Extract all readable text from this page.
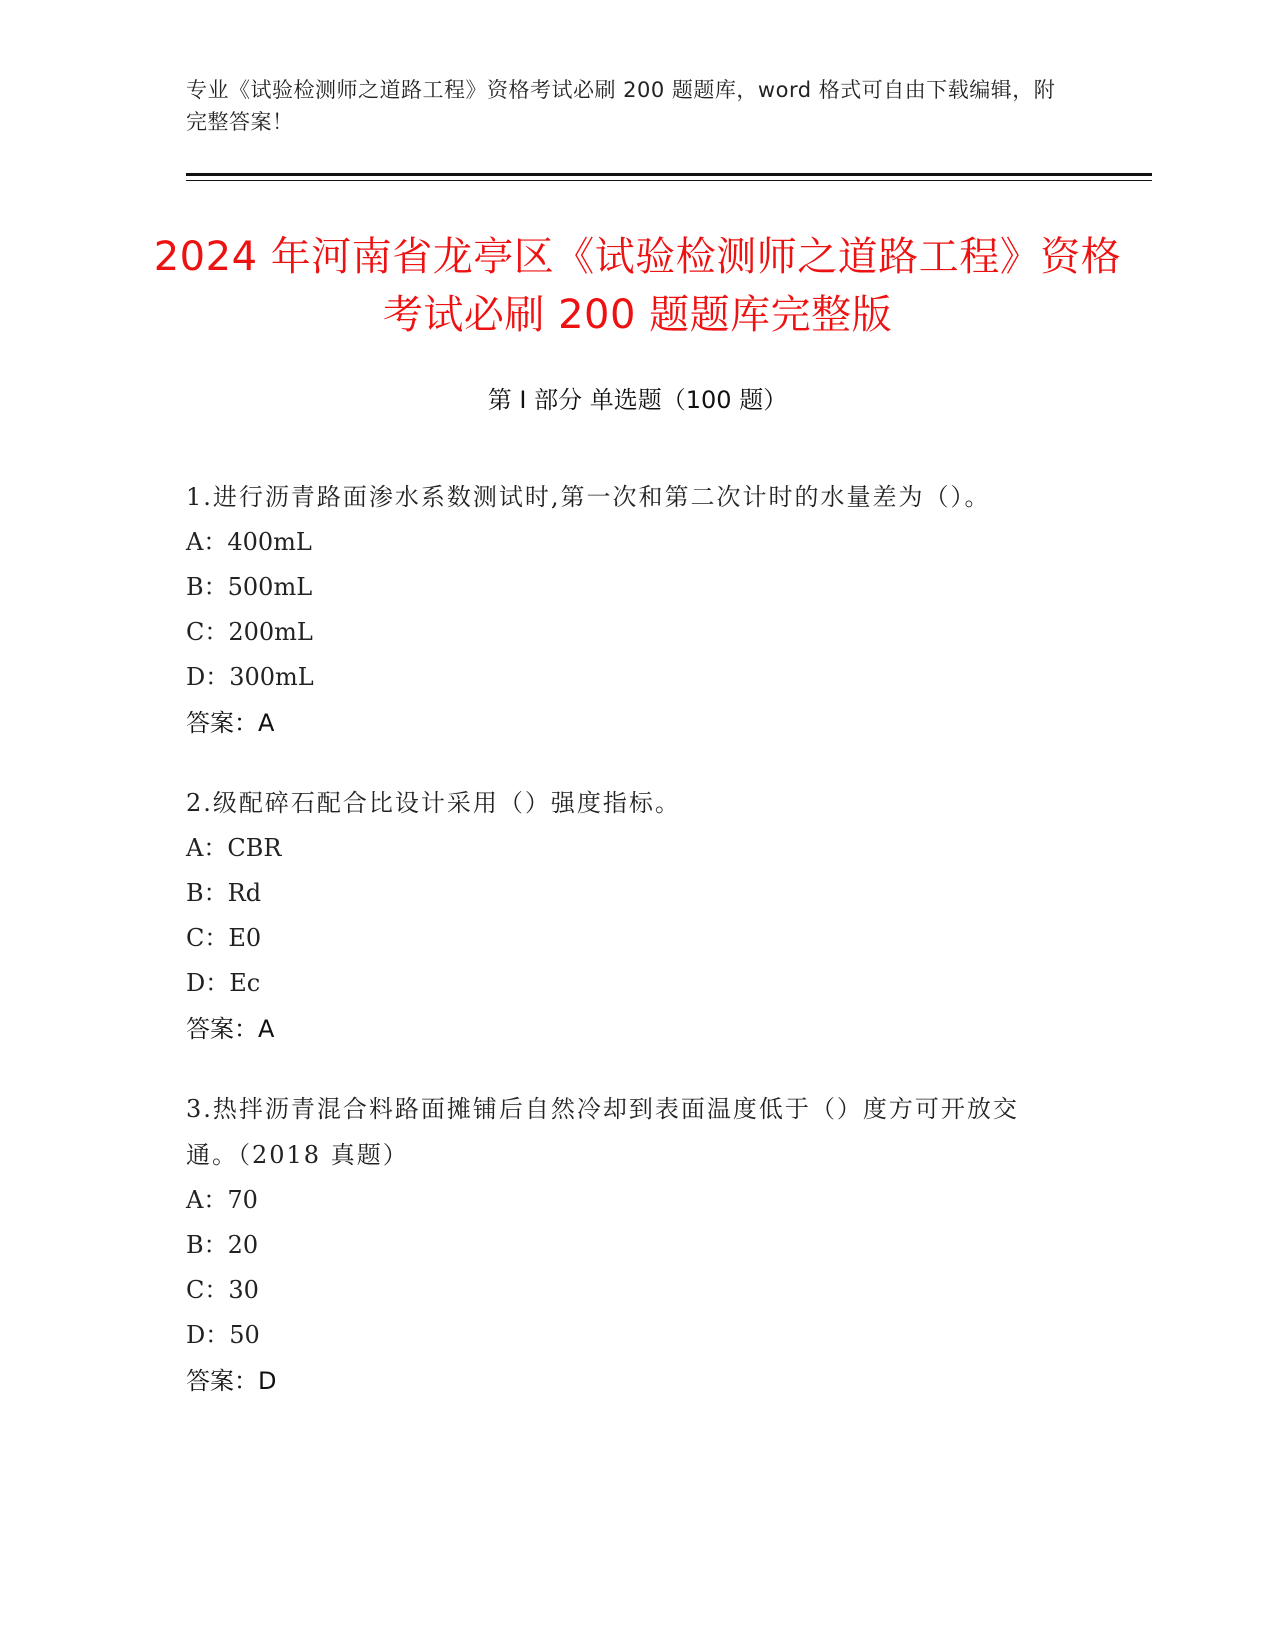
专业《试验检测师之道路工程》资格考试必刷 200 题题库，word 格式可自由下载编辑，附完整答案！
2024 年河南省龙亭区《试验检测师之道路工程》资格考试必刷 200 题题库完整版
第 I 部分 单选题（100 题）

1.进行沥青路面渗水系数测试时,第一次和第二次计时的水量差为（）。

A：400mL

B：500mL

C：200mL

D：300mL

答案：A

2.级配碎石配合比设计采用（）强度指标。

A：CBR

B：Rd

C：E0

D：Ec

答案：A

3.热拌沥青混合料路面摊铺后自然冷却到表面温度低于（）度方可开放交通。（2018 真题）

A：70

B：20

C：30

D：50

答案：D
